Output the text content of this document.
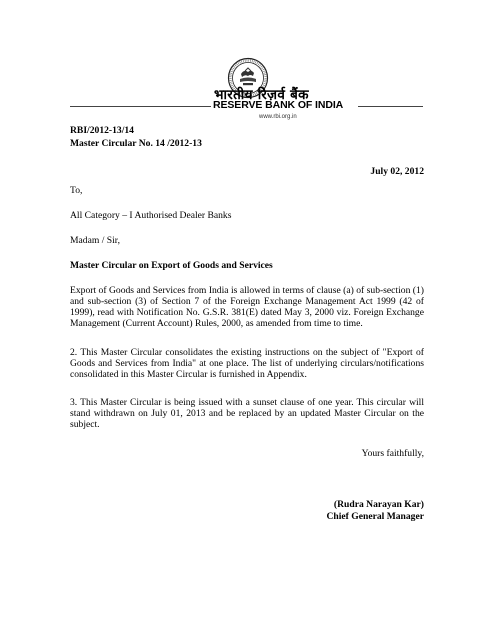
भारतीय रिज़र्व बैंक
RESERVE BANK OF INDIA
www.rbi.org.in
RBI/2012-13/14
Master Circular No. 14 /2012-13
July 02, 2012
To,
All Category – I Authorised Dealer Banks
Madam / Sir,
Master Circular on Export of Goods and Services
Export of Goods and Services from India is allowed in terms of clause (a) of sub-section (1) and sub-section (3) of Section 7 of the Foreign Exchange Management Act 1999 (42 of 1999), read with Notification No. G.S.R. 381(E) dated May 3, 2000 viz. Foreign Exchange Management (Current Account) Rules, 2000, as amended from time to time.
2. This Master Circular consolidates the existing instructions on the subject of "Export of Goods and Services from India" at one place. The list of underlying circulars/notifications consolidated in this Master Circular is furnished in Appendix.
3. This Master Circular is being issued with a sunset clause of one year. This circular will stand withdrawn on July 01, 2013 and be replaced by an updated Master Circular on the subject.
Yours faithfully,
(Rudra Narayan Kar)
Chief General Manager
